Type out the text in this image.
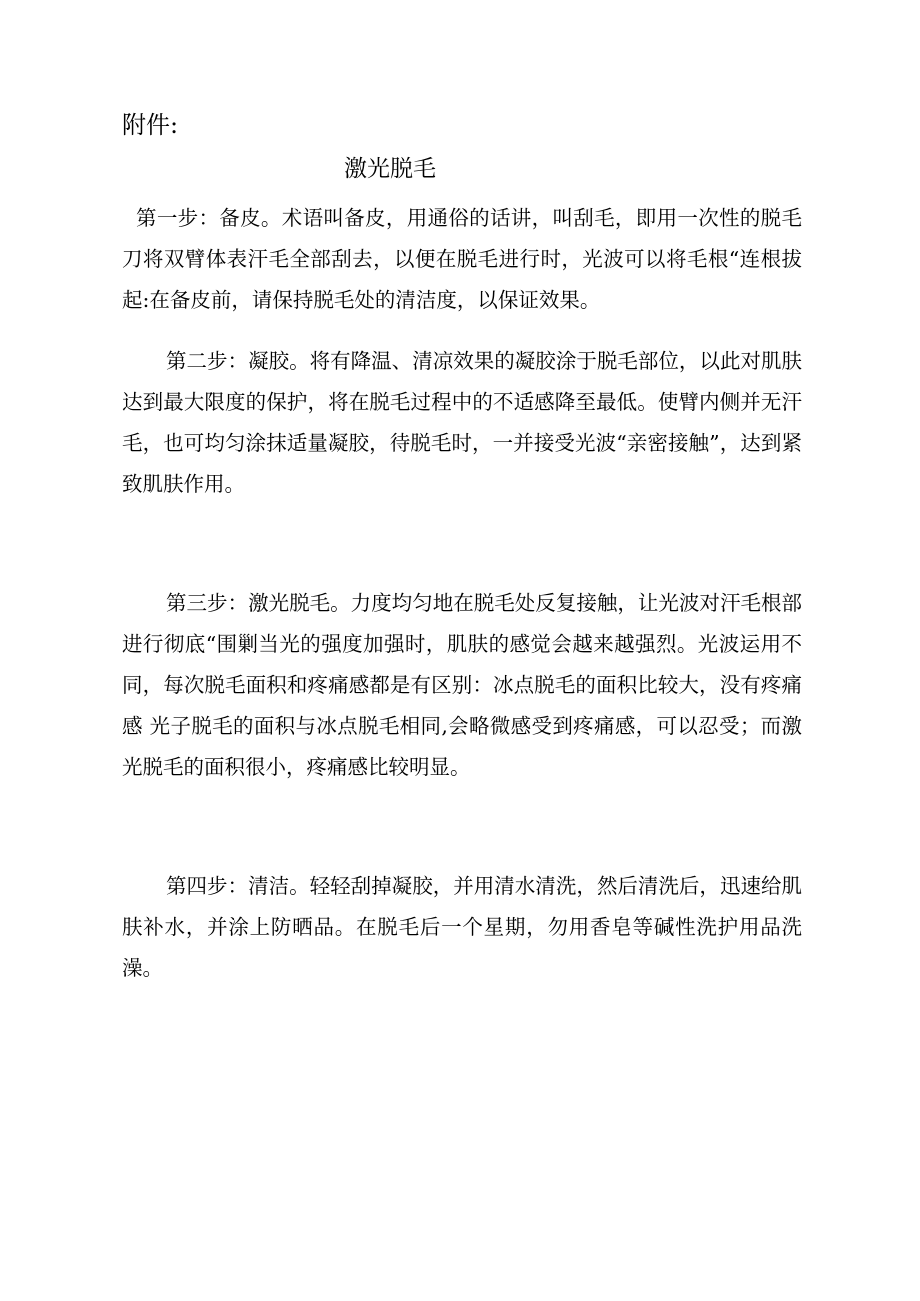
附件:
激光脱毛

第一步：备皮。术语叫备皮，用通俗的话讲，叫刮毛，即用一次性的脱毛刀将双臂体表汗毛全部刮去，以便在脱毛进行时，光波可以将毛根“连根拔起:在备皮前，请保持脱毛处的清洁度，以保证效果。

第二步：凝胶。将有降温、清凉效果的凝胶涂于脱毛部位，以此对肌肤达到最大限度的保护，将在脱毛过程中的不适感降至最低。使臂内侧并无汗毛，也可均匀涂抹适量凝胶，待脱毛时，一并接受光波“亲密接触”，达到紧致肌肤作用。

第三步：激光脱毛。力度均匀地在脱毛处反复接触，让光波对汗毛根部进行彻底“围剿当光的强度加强时，肌肤的感觉会越来越强烈。光波运用不同，每次脱毛面积和疼痛感都是有区别：冰点脱毛的面积比较大，没有疼痛感 光子脱毛的面积与冰点脱毛相同,会略微感受到疼痛感，可以忍受；而激光脱毛的面积很小，疼痛感比较明显。

第四步：清洁。轻轻刮掉凝胶，并用清水清洗，然后清洗后，迅速给肌肤补水，并涂上防晒品。在脱毛后一个星期，勿用香皂等碱性洗护用品洗澡。
